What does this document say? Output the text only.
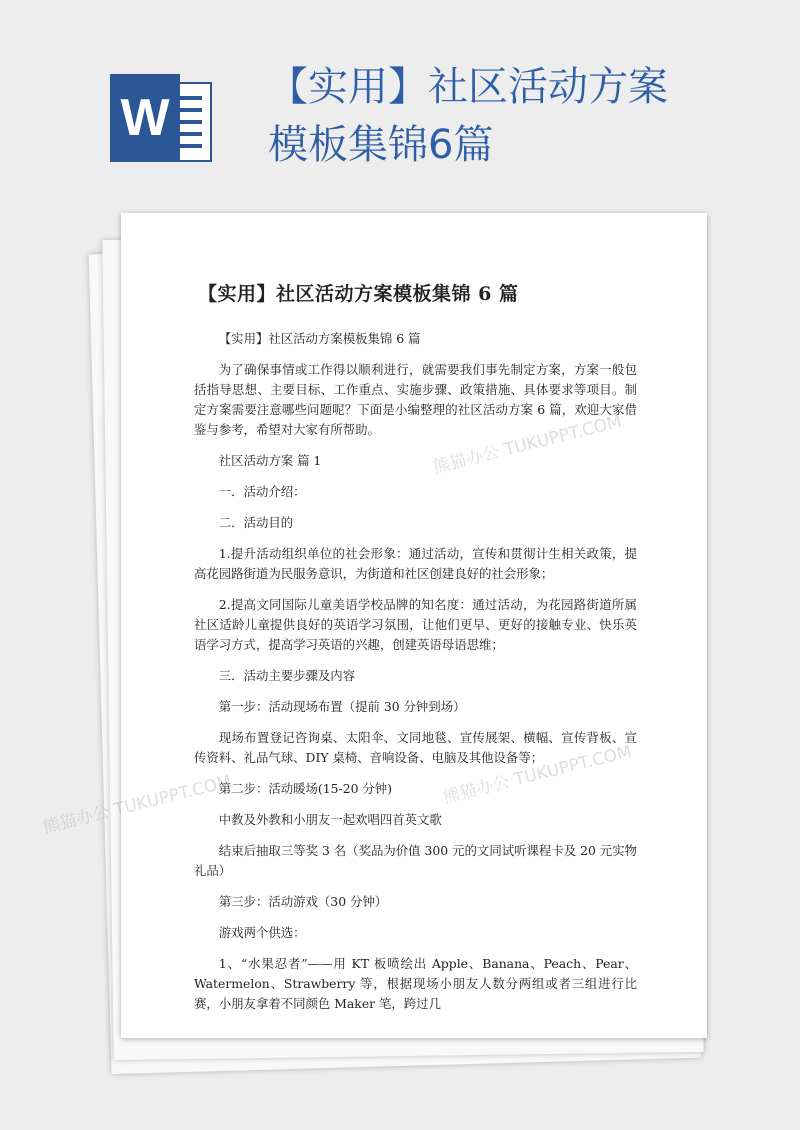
W
【实用】社区活动方案
模板集锦6篇
【实用】社区活动方案模板集锦 6 篇

【实用】社区活动方案模板集锦 6 篇

为了确保事情或工作得以顺利进行，就需要我们事先制定方案，方案一般包括指导思想、主要目标、工作重点、实施步骤、政策措施、具体要求等项目。制定方案需要注意哪些问题呢？下面是小编整理的社区活动方案 6 篇，欢迎大家借鉴与参考，希望对大家有所帮助。

社区活动方案 篇 1

一．活动介绍：

二．活动目的

1.提升活动组织单位的社会形象：通过活动，宣传和贯彻计生相关政策，提高花园路街道为民服务意识，为街道和社区创建良好的社会形象；

2.提高文同国际儿童美语学校品牌的知名度：通过活动，为花园路街道所属社区适龄儿童提供良好的英语学习氛围，让他们更早、更好的接触专业、快乐英语学习方式，提高学习英语的兴趣，创建英语母语思维；

三．活动主要步骤及内容

第一步：活动现场布置（提前 30 分钟到场）

现场布置登记咨询桌、太阳伞、文同地毯、宣传展架、横幅、宣传背板、宣传资料、礼品气球、DIY 桌椅、音响设备、电脑及其他设备等；

第二步：活动暖场(15-20 分钟)

中教及外教和小朋友一起欢唱四首英文歌

结束后抽取三等奖 3 名（奖品为价值 300 元的文同试听课程卡及 20 元实物礼品）

第三步：活动游戏（30 分钟）

游戏两个供选：

1、“水果忍者”——用 KT 板喷绘出 Apple、Banana、Peach、Pear、Watermelon、Strawberry 等，根据现场小朋友人数分两组或者三组进行比赛，小朋友拿着不同颜色 Maker 笔，跨过几

熊猫办公 TUKUPPT.COM
熊猫办公 TUKUPPT.COM
熊猫办公 TUKUPPT.COM
